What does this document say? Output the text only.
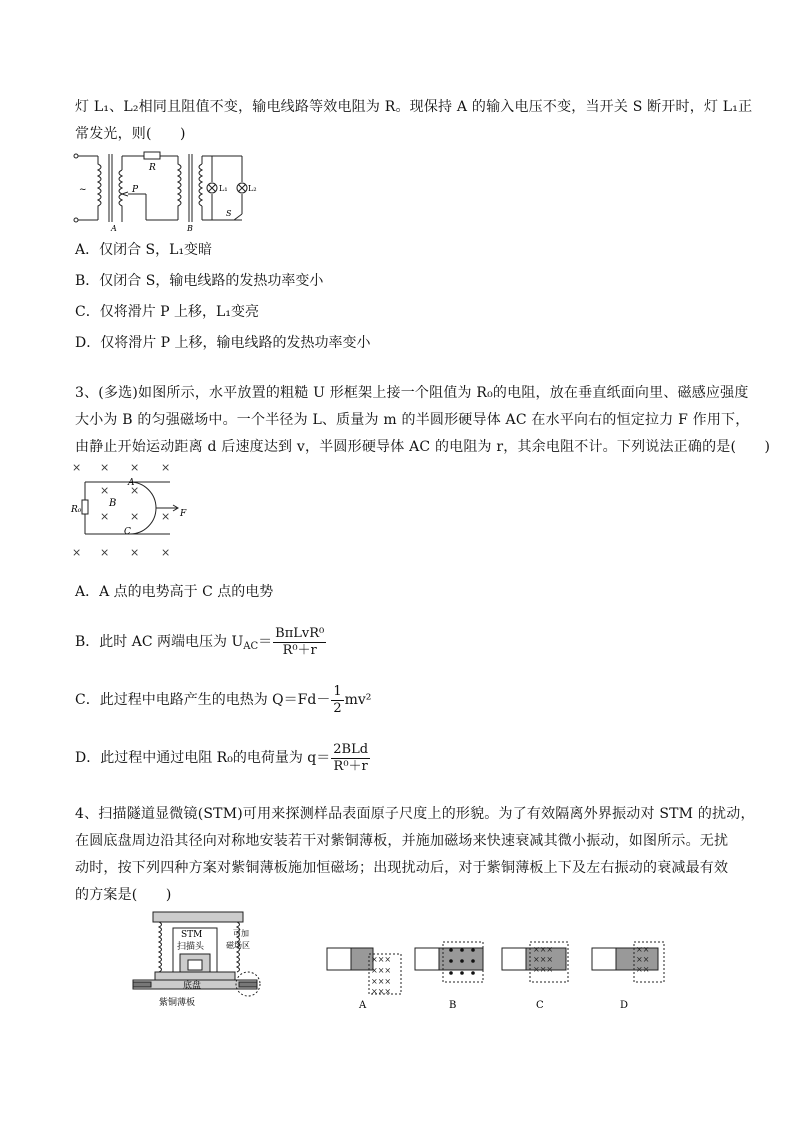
灯 L₁、L₂相同且阻值不变，输电线路等效电阻为 R。现保持 A 的输入电压不变，当开关 S 断开时，灯 L₁正
常发光，则(　　)
~
R
P
A	B
L₁	L₂
S
A．仅闭合 S，L₁变暗
B．仅闭合 S，输电线路的发热功率变小
C．仅将滑片 P 上移，L₁变亮
D．仅将滑片 P 上移，输电线路的发热功率变小
3、(多选)如图所示，水平放置的粗糙 U 形框架上接一个阻值为 R₀的电阻，放在垂直纸面向里、磁感应强度
大小为 B 的匀强磁场中。一个半径为 L、质量为 m 的半圆形硬导体 AC 在水平向右的恒定拉力 F 作用下，
由静止开始运动距离 d 后速度达到 v，半圆形硬导体 AC 的电阻为 r，其余电阻不计。下列说法正确的是(　　)
× × × ×
× ×
× × ×
× × × ×
A
B
C
R₀	F
A．A 点的电势高于 C 点的电势
B．此时 AC 两端电压为 $U_{AC}= \frac{\text{BπLvR⁰}}{\text{R⁰＋r}}$
C．此过程中电路产生的电热为 $Q=Fd- \frac{1}{2} mv^2$
D．此过程中通过电阻 R₀的电荷量为 $q= \frac{\text{2BLd}}{\text{R⁰＋r}}$
4、扫描隧道显微镜(STM)可用来探测样品表面原子尺度上的形貌。为了有效隔离外界振动对 STM 的扰动，
在圆底盘周边沿其径向对称地安装若干对紫铜薄板，并施加磁场来快速衰减其微小振动，如图所示。无扰
动时，按下列四种方案对紫铜薄板施加恒磁场；出现扰动后，对于紫铜薄板上下及左右振动的衰减最有效
的方案是(　　)
STM
扫描头
可加
磁场区
底盘
紫铜薄板
×××
×××
×××
×××
A	B
×××
×××
×××
C
××
××
××
D
